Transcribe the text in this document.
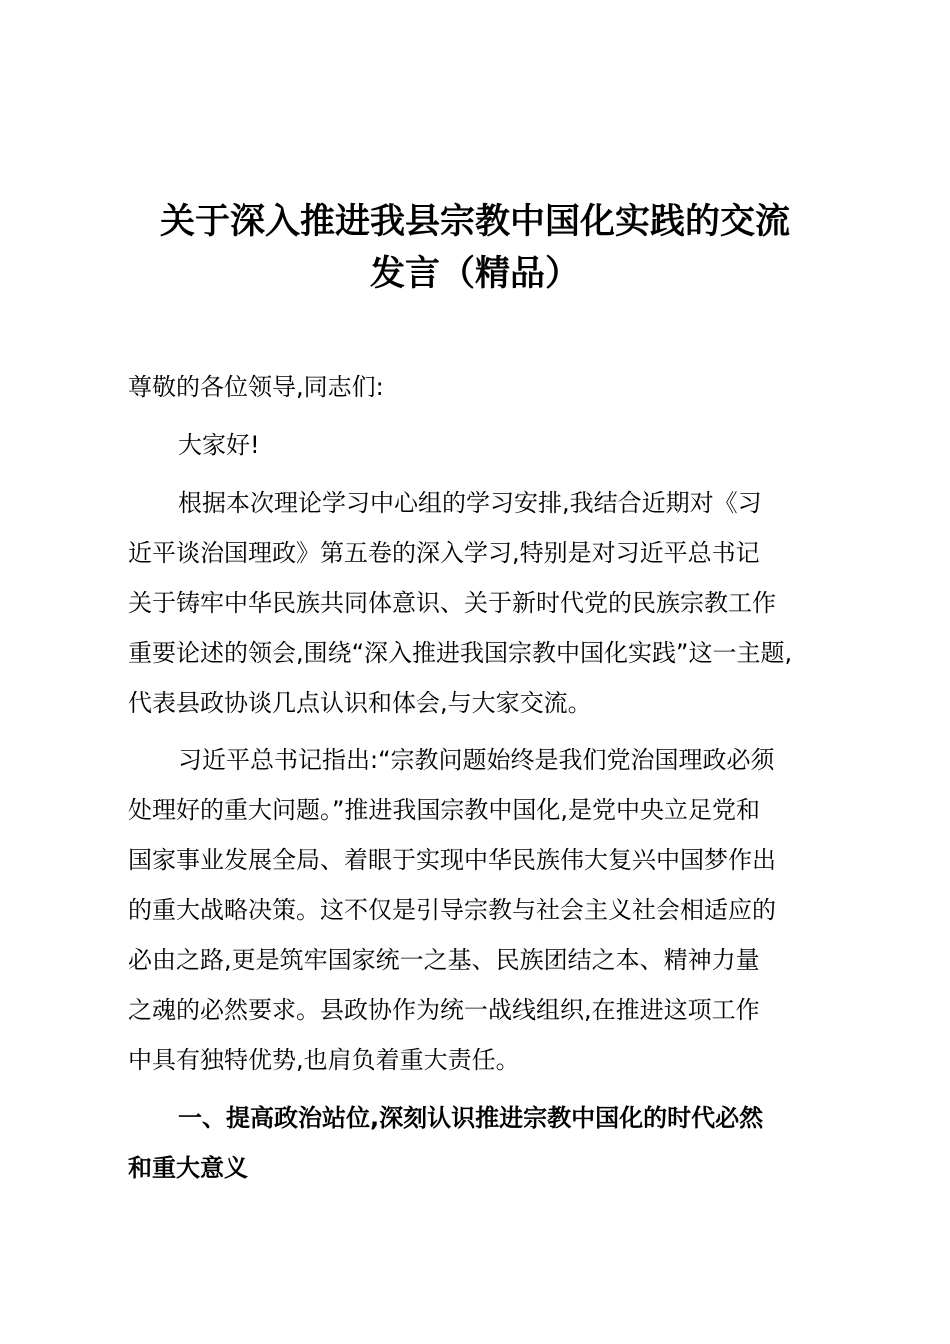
关于深入推进我县宗教中国化实践的交流
发言（精品）
尊敬的各位领导,同志们:
大家好!
根据本次理论学习中心组的学习安排,我结合近期对《习
近平谈治国理政》第五卷的深入学习,特别是对习近平总书记
关于铸牢中华民族共同体意识、关于新时代党的民族宗教工作
重要论述的领会,围绕“深入推进我国宗教中国化实践”这一主题,
代表县政协谈几点认识和体会,与大家交流。
习近平总书记指出:“宗教问题始终是我们党治国理政必须
处理好的重大问题。”推进我国宗教中国化,是党中央立足党和
国家事业发展全局、着眼于实现中华民族伟大复兴中国梦作出
的重大战略决策。这不仅是引导宗教与社会主义社会相适应的
必由之路,更是筑牢国家统一之基、民族团结之本、精神力量
之魂的必然要求。县政协作为统一战线组织,在推进这项工作
中具有独特优势,也肩负着重大责任。
一、提高政治站位,深刻认识推进宗教中国化的时代必然
和重大意义
